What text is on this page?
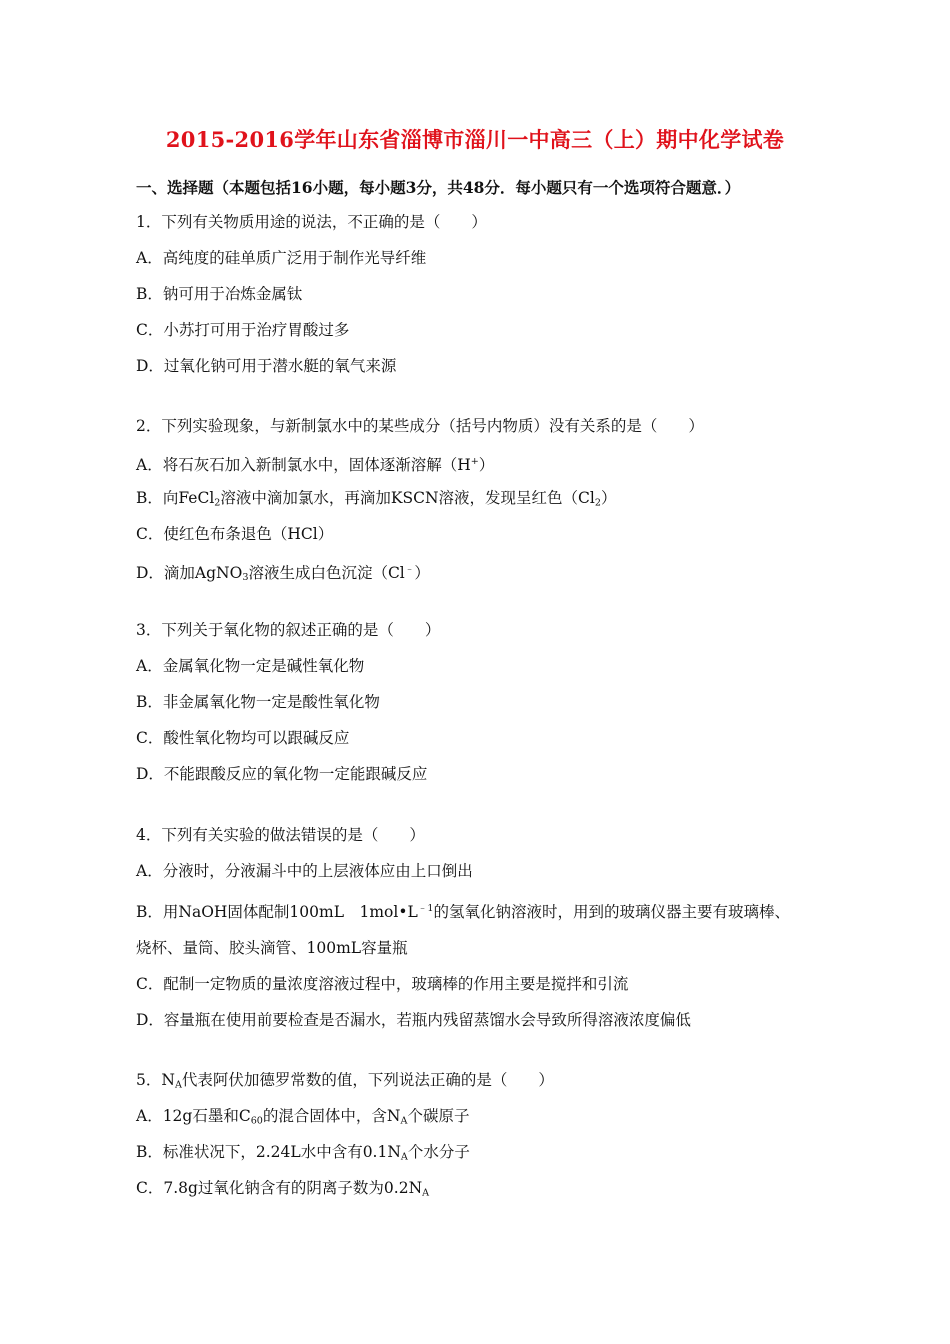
2015-2016学年山东省淄博市淄川一中高三（上）期中化学试卷
一、选择题（本题包括16小题，每小题3分，共48分．每小题只有一个选项符合题意．）
1．下列有关物质用途的说法，不正确的是（　　）
A．高纯度的硅单质广泛用于制作光导纤维
B．钠可用于冶炼金属钛
C．小苏打可用于治疗胃酸过多
D．过氧化钠可用于潜水艇的氧气来源
2．下列实验现象，与新制氯水中的某些成分（括号内物质）没有关系的是（　　）
A．将石灰石加入新制氯水中，固体逐渐溶解（H+）
B．向FeCl$_2$溶液中滴加氯水，再滴加KSCN溶液，发现呈红色$(Cl_2)$
C．使红色布条退色（HCl）
D．滴加AgNO$_3$溶液生成白色沉淀（Cl﹣）
3．下列关于氧化物的叙述正确的是（　　）
A．金属氧化物一定是碱性氧化物
B．非金属氧化物一定是酸性氧化物
C．酸性氧化物均可以跟碱反应
D．不能跟酸反应的氧化物一定能跟碱反应
4．下列有关实验的做法错误的是（　　）
A．分液时，分液漏斗中的上层液体应由上口倒出
B．用NaOH固体配制100mL　$1mol•L^{﹣1}$的氢氧化钠溶液时，用到的玻璃仪器主要有玻璃棒、
烧杯、量筒、胶头滴管、100mL容量瓶
C．配制一定物质的量浓度溶液过程中，玻璃棒的作用主要是搅拌和引流
D．容量瓶在使用前要检查是否漏水，若瓶内残留蒸馏水会导致所得溶液浓度偏低
5．$N_A$代表阿伏加德罗常数的值，下列说法正确的是（　　）
A．12g石墨和$C_{60}$的混合固体中，含$N_A$个碳原子
B．标准状况下，2.24L水中含有$0.1N_A$个水分子
C．7.8g过氧化钠含有的阴离子数为$0.2N_A$
